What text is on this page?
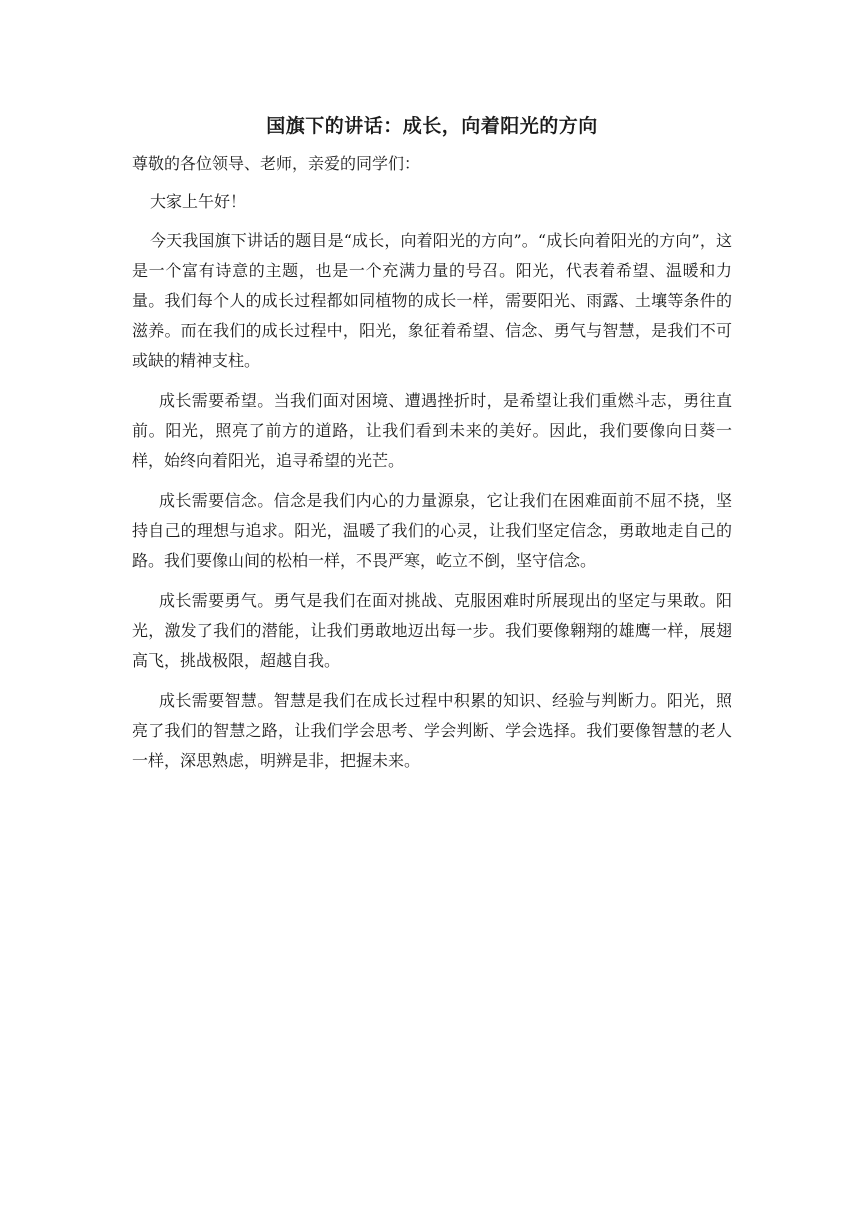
国旗下的讲话：成长，向着阳光的方向

尊敬的各位领导、老师，亲爱的同学们：

大家上午好！

今天我国旗下讲话的题目是“成长，向着阳光的方向”。“成长向着阳光的方向”，这是一个富有诗意的主题，也是一个充满力量的号召。阳光，代表着希望、温暖和力量。我们每个人的成长过程都如同植物的成长一样，需要阳光、雨露、土壤等条件的滋养。而在我们的成长过程中，阳光，象征着希望、信念、勇气与智慧，是我们不可或缺的精神支柱。

成长需要希望。当我们面对困境、遭遇挫折时，是希望让我们重燃斗志，勇往直前。阳光，照亮了前方的道路，让我们看到未来的美好。因此，我们要像向日葵一样，始终向着阳光，追寻希望的光芒。

成长需要信念。信念是我们内心的力量源泉，它让我们在困难面前不屈不挠，坚持自己的理想与追求。阳光，温暖了我们的心灵，让我们坚定信念，勇敢地走自己的路。我们要像山间的松柏一样，不畏严寒，屹立不倒，坚守信念。

成长需要勇气。勇气是我们在面对挑战、克服困难时所展现出的坚定与果敢。阳光，激发了我们的潜能，让我们勇敢地迈出每一步。我们要像翱翔的雄鹰一样，展翅高飞，挑战极限，超越自我。

成长需要智慧。智慧是我们在成长过程中积累的知识、经验与判断力。阳光，照亮了我们的智慧之路，让我们学会思考、学会判断、学会选择。我们要像智慧的老人一样，深思熟虑，明辨是非，把握未来。
